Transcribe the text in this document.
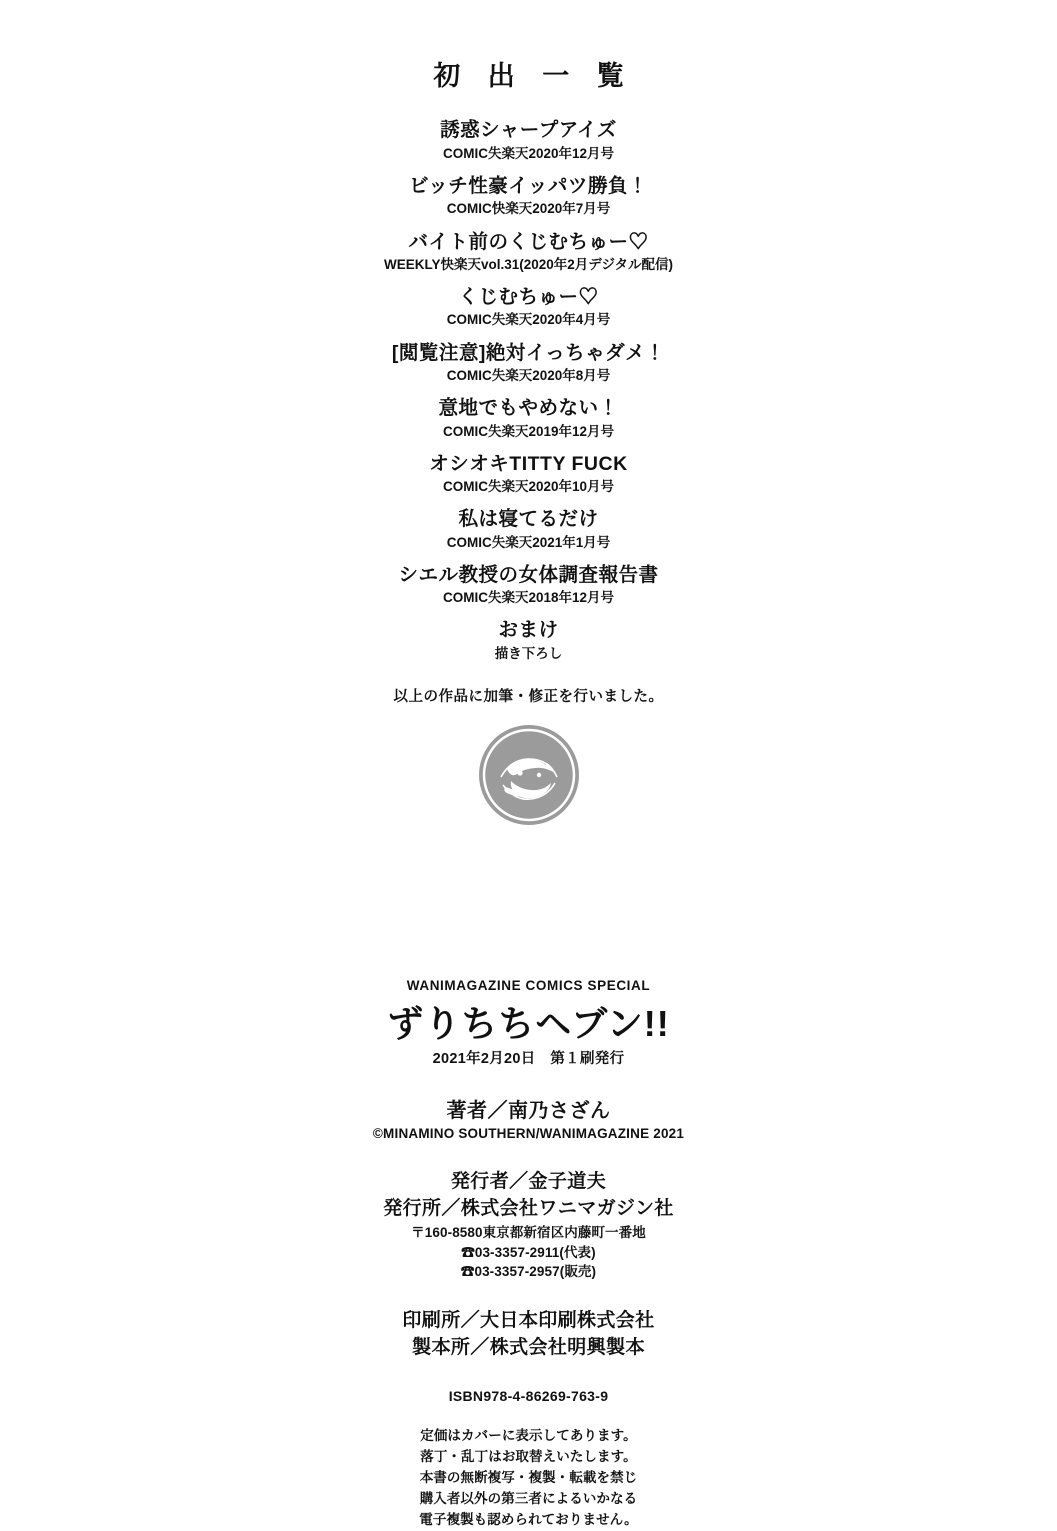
初 出 一 覧
誘惑シャープアイズ
COMIC失楽天2020年12月号
ビッチ性豪イッパツ勝負！
COMIC快楽天2020年7月号
バイト前のくじむちゅー♡
WEEKLY快楽天vol.31(2020年2月デジタル配信)
くじむちゅー♡
COMIC失楽天2020年4月号
[閲覧注意]絶対イっちゃダメ！
COMIC失楽天2020年8月号
意地でもやめない！
COMIC失楽天2019年12月号
オシオキTITTY FUCK
COMIC失楽天2020年10月号
私は寝てるだけ
COMIC失楽天2021年1月号
シエル教授の女体調査報告書
COMIC失楽天2018年12月号
おまけ
描き下ろし
以上の作品に加筆・修正を行いました。
WANIMAGAZINE COMICS SPECIAL
ずりちちヘブン!!
2021年2月20日　第１刷発行
著者／南乃さざん
©MINAMINO SOUTHERN/WANIMAGAZINE 2021
発行者／金子道夫
発行所／株式会社ワニマガジン社
〒160-8580東京都新宿区内藤町一番地
☎03-3357-2911(代表)
☎03-3357-2957(販売)
印刷所／大日本印刷株式会社
製本所／株式会社明興製本
ISBN978-4-86269-763-9
定価はカバーに表示してあります。
落丁・乱丁はお取替えいたします。
本書の無断複写・複製・転載を禁じ
購入者以外の第三者によるいかなる
電子複製も認められておりません。
